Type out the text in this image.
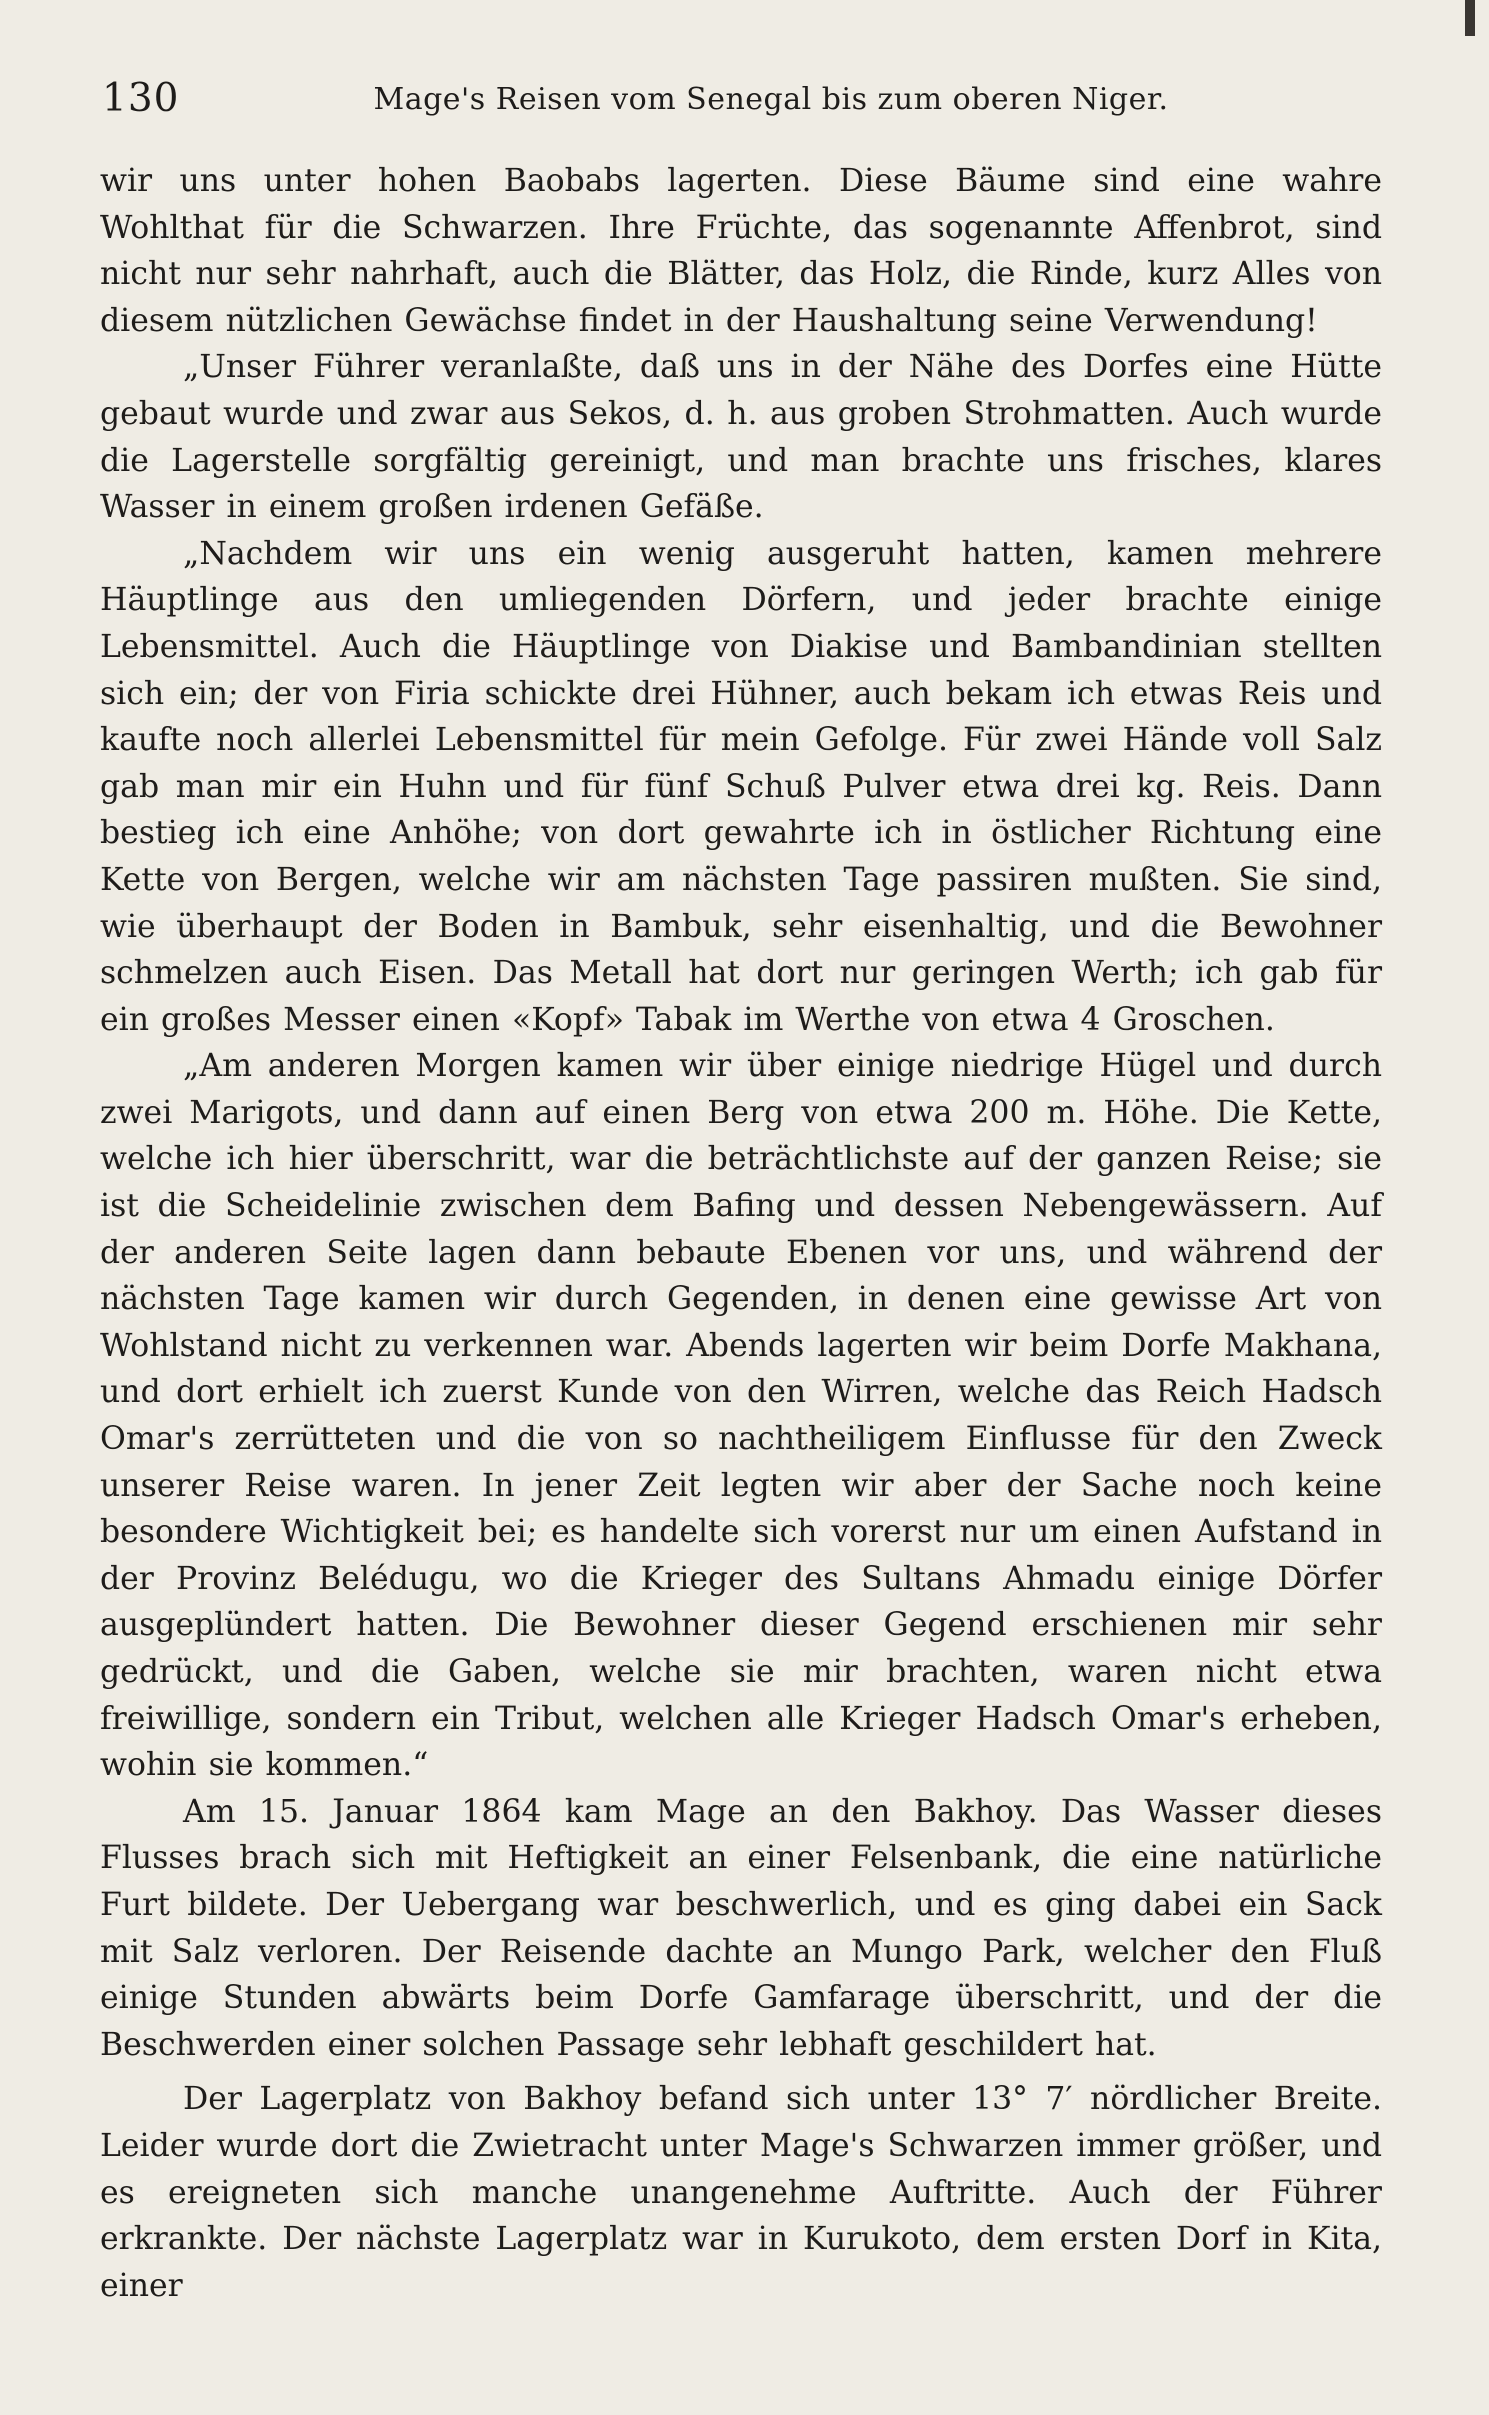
130	Mage's Reisen vom Senegal bis zum oberen Niger.

wir uns unter hohen Baobabs lagerten. Diese Bäume sind eine wahre Wohlthat für die Schwarzen. Ihre Früchte, das sogenannte Affenbrot, sind nicht nur sehr nahrhaft, auch die Blätter, das Holz, die Rinde, kurz Alles von diesem nützlichen Gewächse findet in der Haushaltung seine Verwendung!

„Unser Führer veranlaßte, daß uns in der Nähe des Dorfes eine Hütte gebaut wurde und zwar aus Sekos, d. h. aus groben Strohmatten. Auch wurde die Lagerstelle sorgfältig gereinigt, und man brachte uns frisches, klares Wasser in einem großen irdenen Gefäße.

„Nachdem wir uns ein wenig ausgeruht hatten, kamen mehrere Häuptlinge aus den umliegenden Dörfern, und jeder brachte einige Lebensmittel. Auch die Häuptlinge von Diakise und Bambandinian stellten sich ein; der von Firia schickte drei Hühner, auch bekam ich etwas Reis und kaufte noch allerlei Lebensmittel für mein Gefolge. Für zwei Hände voll Salz gab man mir ein Huhn und für fünf Schuß Pulver etwa drei kg. Reis. Dann bestieg ich eine Anhöhe; von dort gewahrte ich in östlicher Richtung eine Kette von Bergen, welche wir am nächsten Tage passiren mußten. Sie sind, wie überhaupt der Boden in Bambuk, sehr eisenhaltig, und die Bewohner schmelzen auch Eisen. Das Metall hat dort nur geringen Werth; ich gab für ein großes Messer einen «Kopf» Tabak im Werthe von etwa 4 Groschen.

„Am anderen Morgen kamen wir über einige niedrige Hügel und durch zwei Marigots, und dann auf einen Berg von etwa 200 m. Höhe. Die Kette, welche ich hier überschritt, war die beträchtlichste auf der ganzen Reise; sie ist die Scheidelinie zwischen dem Bafing und dessen Nebengewässern. Auf der anderen Seite lagen dann bebaute Ebenen vor uns, und während der nächsten Tage kamen wir durch Gegenden, in denen eine gewisse Art von Wohlstand nicht zu verkennen war. Abends lagerten wir beim Dorfe Makhana, und dort erhielt ich zuerst Kunde von den Wirren, welche das Reich Hadsch Omar's zerrütteten und die von so nachtheiligem Einflusse für den Zweck unserer Reise waren. In jener Zeit legten wir aber der Sache noch keine besondere Wichtigkeit bei; es handelte sich vorerst nur um einen Aufstand in der Provinz Belédugu, wo die Krieger des Sultans Ahmadu einige Dörfer ausgeplündert hatten. Die Bewohner dieser Gegend erschienen mir sehr gedrückt, und die Gaben, welche sie mir brachten, waren nicht etwa freiwillige, sondern ein Tribut, welchen alle Krieger Hadsch Omar's erheben, wohin sie kommen.“

Am 15. Januar 1864 kam Mage an den Bakhoy. Das Wasser dieses Flusses brach sich mit Heftigkeit an einer Felsenbank, die eine natürliche Furt bildete. Der Uebergang war beschwerlich, und es ging dabei ein Sack mit Salz verloren. Der Reisende dachte an Mungo Park, welcher den Fluß einige Stunden abwärts beim Dorfe Gamfarage überschritt, und der die Beschwerden einer solchen Passage sehr lebhaft geschildert hat.

Der Lagerplatz von Bakhoy befand sich unter 13° 7′ nördlicher Breite. Leider wurde dort die Zwietracht unter Mage's Schwarzen immer größer, und es ereigneten sich manche unangenehme Auftritte. Auch der Führer erkrankte. Der nächste Lagerplatz war in Kurukoto, dem ersten Dorf in Kita, einer
